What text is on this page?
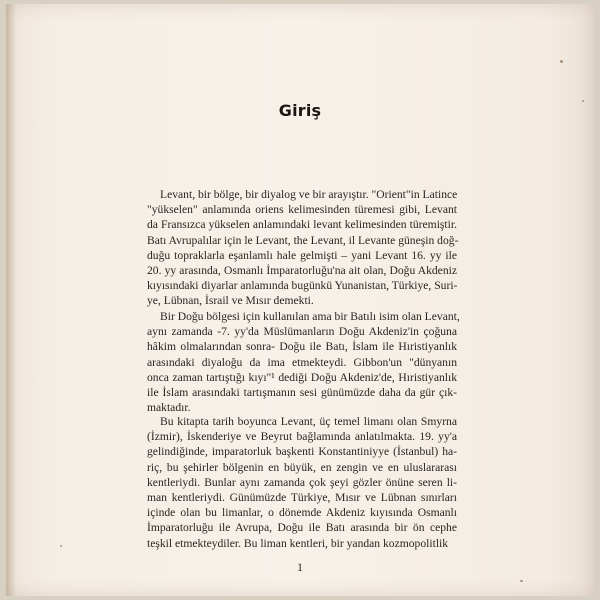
Giriş
Levant, bir bölge, bir diyalog ve bir arayıştır. "Orient"in Latince
"yükselen" anlamında oriens kelimesinden türemesi gibi, Levant
da Fransızca yükselen anlamındaki levant kelimesinden türemiştir.
Batı Avrupalılar için le Levant, the Levant, il Levante güneşin doğ-
duğu topraklarla eşanlamlı hale gelmişti – yani Levant 16. yy ile
20. yy arasında, Osmanlı İmparatorluğu'na ait olan, Doğu Akdeniz
kıyısındaki diyarlar anlamında bugünkü Yunanistan, Türkiye, Suri-
ye, Lübnan, İsrail ve Mısır demekti.
Bir Doğu bölgesi için kullanılan ama bir Batılı isim olan Levant,
aynı zamanda -7. yy'da Müslümanların Doğu Akdeniz'in çoğuna
hâkim olmalarından sonra- Doğu ile Batı, İslam ile Hıristiyanlık
arasındaki diyaloğu da ima etmekteydi. Gibbon'un "dünyanın
onca zaman tartıştığı kıyı"¹ dediği Doğu Akdeniz'de, Hıristiyanlık
ile İslam arasındaki tartışmanın sesi günümüzde daha da gür çık-
maktadır.
Bu kitapta tarih boyunca Levant, üç temel limanı olan Smyrna
(İzmir), İskenderiye ve Beyrut bağlamında anlatılmakta. 19. yy'a
gelindiğinde, imparatorluk başkenti Konstantiniyye (İstanbul) ha-
riç, bu şehirler bölgenin en büyük, en zengin ve en uluslararası
kentleriydi. Bunlar aynı zamanda çok şeyi gözler önüne seren li-
man kentleriydi. Günümüzde Türkiye, Mısır ve Lübnan sınırları
içinde olan bu limanlar, o dönemde Akdeniz kıyısında Osmanlı
İmparatorluğu ile Avrupa, Doğu ile Batı arasında bir ön cephe
teşkil etmekteydiler. Bu liman kentleri, bir yandan kozmopolitlik
1
